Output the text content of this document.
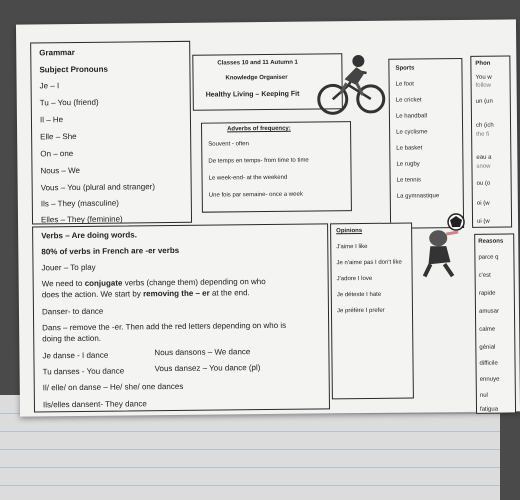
Grammar
Subject Pronouns
Je – I
Tu – You (friend)
Il – He
Elle – She
On – one
Nous – We
Vous – You (plural and stranger)
Ils – They (masculine)
Elles – They (feminine)
Classes 10 and 11 Autumn 1
Knowledge Organiser
Healthy Living – Keeping Fit
Adverbs of frequency:
Souvent - often
De temps en temps- from time to time
Le week-end- at the weekend
Une fois par semaine- once a week
Sports
Le foot
Le cricket
Le handball
Le cyclisme
Le basket
Le rugby
Le tennis
La gymnastique
Phon
You w
follow
un (un
ch (ich
the fi
eau a
snow
ou (o
oi (w
ui (w
Verbs – Are doing words.
80% of verbs in French are -er verbs
Jouer – To play
We need to conjugate verbs (change them) depending on who
does the action. We start by removing the – er at the end.
Danser- to dance
Dans – remove the -er. Then add the red letters depending on who is
doing the action.
Je danse - I dance	Nous dansons – We dance
Tu danses - You dance	Vous dansez – You dance (pl)
Il/ elle/ on danse – He/ she/ one dances
Ils/elles dansent- They dance
Opinions
J'aime I like
Je n'aime pas I don't like
J'adore I love
Je déteste I hate
Je préfère I prefer
Reasons
parce q
c'est
rapide
amusar
calme
génial
difficile
ennuye
nul
fatigua
